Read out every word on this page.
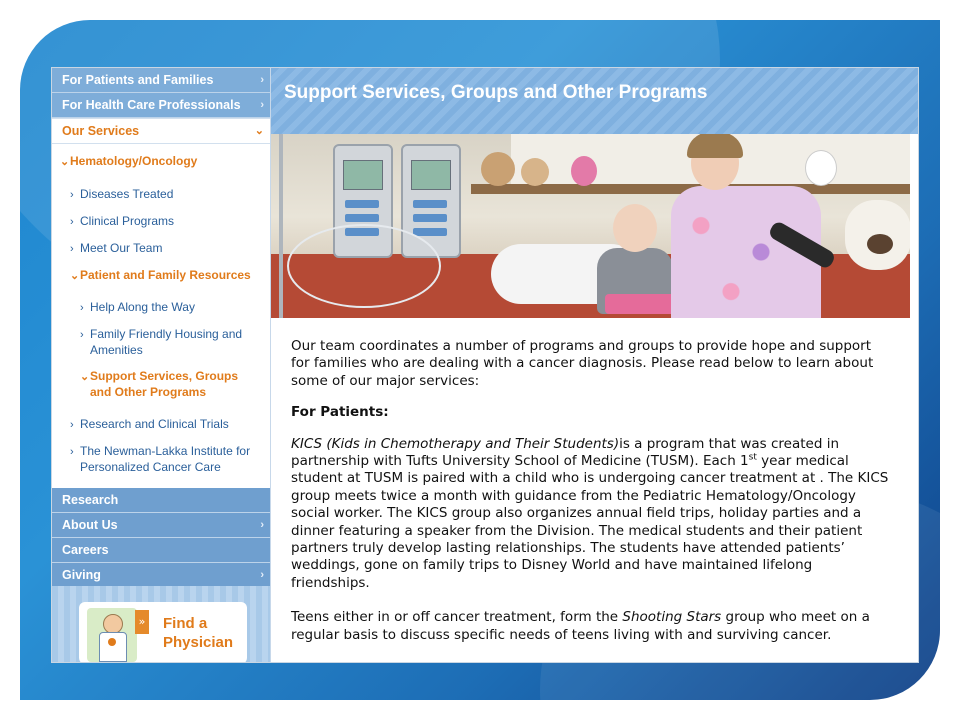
For Patients and Families	›
For Health Care Professionals ›
Our Services	⌄
⌄Hematology/Oncology
› Diseases Treated
› Clinical Programs
› Meet Our Team
⌄Patient and Family Resources
› Help Along the Way
› Family Friendly Housing and
Amenities
⌄Support Services, Groups
and Other Programs
› Research and Clinical Trials
› The Newman-Lakka Institute for
Personalized Cancer Care
Research
About Us	›
Careers
Giving	›
» Find a
Physician
Support Services, Groups and Other Programs

Our team coordinates a number of programs and groups to provide hope and support for families who are dealing with a cancer diagnosis. Please read below to learn about some of our major services:

For Patients:

KICS (Kids in Chemotherapy and Their Students)is a program that was created in partnership with Tufts University School of Medicine (TUSM). Each 1st year medical student at TUSM is paired with a child who is undergoing cancer treatment at . The KICS group meets twice a month with guidance from the Pediatric Hematology/Oncology social worker. The KICS group also organizes annual field trips, holiday parties and a dinner featuring a speaker from the Division. The medical students and their patient partners truly develop lasting relationships. The students have attended patients’ weddings, gone on family trips to Disney World and have maintained lifelong friendships.

Teens either in or off cancer treatment, form the Shooting Stars group who meet on a regular basis to discuss specific needs of teens living with and surviving cancer.
